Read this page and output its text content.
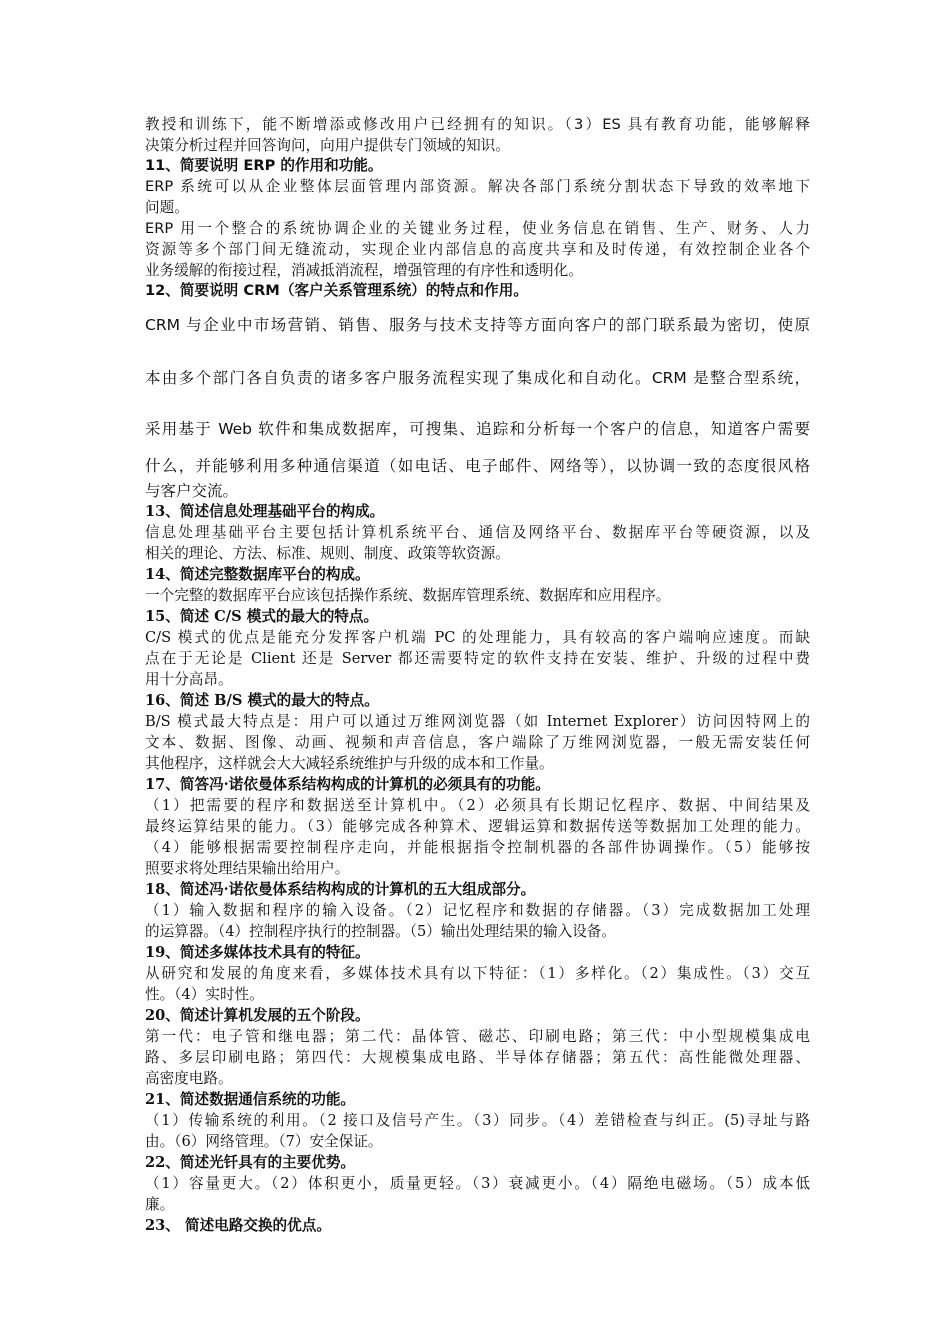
教授和训练下，能不断增添或修改用户已经拥有的知识。（3）ES 具有教育功能，能够解释
决策分析过程并回答询问，向用户提供专门领域的知识。
11、简要说明 ERP 的作用和功能。
ERP 系统可以从企业整体层面管理内部资源。解决各部门系统分割状态下导致的效率地下
问题。
ERP 用一个整合的系统协调企业的关键业务过程，使业务信息在销售、生产、财务、人力
资源等多个部门间无缝流动，实现企业内部信息的高度共享和及时传递，有效控制企业各个
业务缓解的衔接过程，消减抵消流程，增强管理的有序性和透明化。
12、简要说明 CRM（客户关系管理系统）的特点和作用。
CRM 与企业中市场营销、销售、服务与技术支持等方面向客户的部门联系最为密切，使原
本由多个部门各自负责的诸多客户服务流程实现了集成化和自动化。CRM 是整合型系统，
采用基于 Web 软件和集成数据库，可搜集、追踪和分析每一个客户的信息，知道客户需要
什么，并能够利用多种通信渠道（如电话、电子邮件、网络等），以协调一致的态度很风格
与客户交流。
13、简述信息处理基础平台的构成。
信息处理基础平台主要包括计算机系统平台、通信及网络平台、数据库平台等硬资源，以及
相关的理论、方法、标准、规则、制度、政策等软资源。
14、简述完整数据库平台的构成。
一个完整的数据库平台应该包括操作系统、数据库管理系统、数据库和应用程序。
15、简述 C/S 模式的最大的特点。
C/S 模式的优点是能充分发挥客户机端 PC 的处理能力，具有较高的客户端响应速度。而缺
点在于无论是 Client 还是 Server 都还需要特定的软件支持在安装、维护、升级的过程中费
用十分高昂。
16、简述 B/S 模式的最大的特点。
B/S 模式最大特点是：用户可以通过万维网浏览器（如 Internet Explorer）访问因特网上的
文本、数据、图像、动画、视频和声音信息，客户端除了万维网浏览器，一般无需安装任何
其他程序，这样就会大大减轻系统维护与升级的成本和工作量。
17、简答冯·诺依曼体系结构构成的计算机的必须具有的功能。
（1）把需要的程序和数据送至计算机中。（2）必须具有长期记忆程序、数据、中间结果及
最终运算结果的能力。（3）能够完成各种算术、逻辑运算和数据传送等数据加工处理的能力。
（4）能够根据需要控制程序走向，并能根据指令控制机器的各部件协调操作。（5）能够按
照要求将处理结果输出给用户。
18、简述冯·诺依曼体系结构构成的计算机的五大组成部分。
（1）输入数据和程序的输入设备。（2）记忆程序和数据的存储器。（3）完成数据加工处理
的运算器。（4）控制程序执行的控制器。（5）输出处理结果的输入设备。
19、简述多媒体技术具有的特征。
从研究和发展的角度来看，多媒体技术具有以下特征：（1）多样化。（2）集成性。（3）交互
性。（4）实时性。
20、简述计算机发展的五个阶段。
第一代：电子管和继电器；第二代：晶体管、磁芯、印刷电路；第三代：中小型规模集成电
路、多层印刷电路；第四代：大规模集成电路、半导体存储器；第五代：高性能微处理器、
高密度电路。
21、简述数据通信系统的功能。
（1）传输系统的利用。（2 接口及信号产生。（3）同步。（4）差错检查与纠正。(5)寻址与路
由。（6）网络管理。（7）安全保证。
22、简述光钎具有的主要优势。
（1）容量更大。（2）体积更小，质量更轻。（3）衰减更小。（4）隔绝电磁场。（5）成本低
廉。
23、 简述电路交换的优点。
